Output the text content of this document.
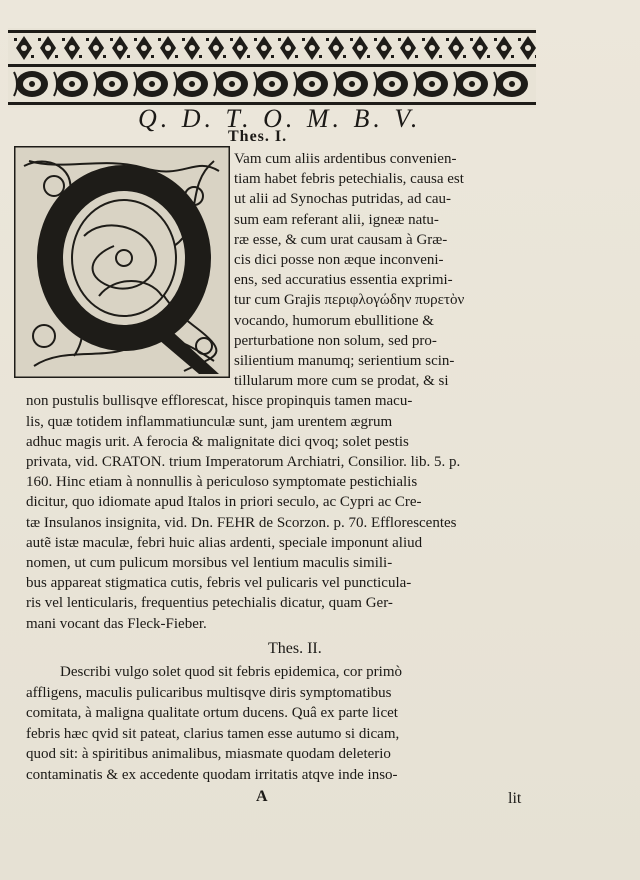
Q. D. T. O. M. B. V.
Thes. I.
Vam cum aliis ardentibus convenien-
tiam habet febris petechialis, causa est
ut alii ad Synochas putridas, ad cau-
sum eam referant alii, igneæ natu-
ræ esse, & cum urat causam à Græ-
cis dici posse non æque inconveni-
ens, sed accuratius essentia exprimi-
tur cum Grajis περιφλογώδην πυρετὸν
vocando, humorum ebullitione &
perturbatione non solum, sed pro-
silientium manumq; serientium scin-
tillularum more cum se prodat, & si
non pustulis bullisqve efflorescat, hisce propinquis tamen macu-
lis, quæ totidem inflammatiunculæ sunt, jam urentem ægrum
adhuc magis urit. A ferocia & malignitate dici qvoq; solet pestis
privata, vid. CRATON. trium Imperatorum Archiatri, Consilior. lib. 5. p.
160. Hinc etiam à nonnullis à periculoso symptomate pestichialis
dicitur, quo idiomate apud Italos in priori seculo, ac Cypri ac Cre-
tæ Insulanos insignita, vid. Dn. FEHR de Scorzon. p. 70. Efflorescentes
autẽ istæ maculæ, febri huic alias ardenti, speciale imponunt aliud
nomen, ut cum pulicum morsibus vel lentium maculis simili-
bus appareat stigmatica cutis, febris vel pulicaris vel puncticula-
ris vel lenticularis, frequentius petechialis dicatur, quam Ger-
mani vocant das Fleck-Fieber.
Thes. II.
Describi vulgo solet quod sit febris epidemica, cor primò
affligens, maculis pulicaribus multisqve diris symptomatibus
comitata, à maligna qualitate ortum ducens. Quâ ex parte licet
febris hæc qvid sit pateat, clarius tamen esse autumo si dicam,
quod sit: à spiritibus animalibus, miasmate quodam deleterio
contaminatis & ex accedente quodam irritatis atqve inde inso-
A	lit
